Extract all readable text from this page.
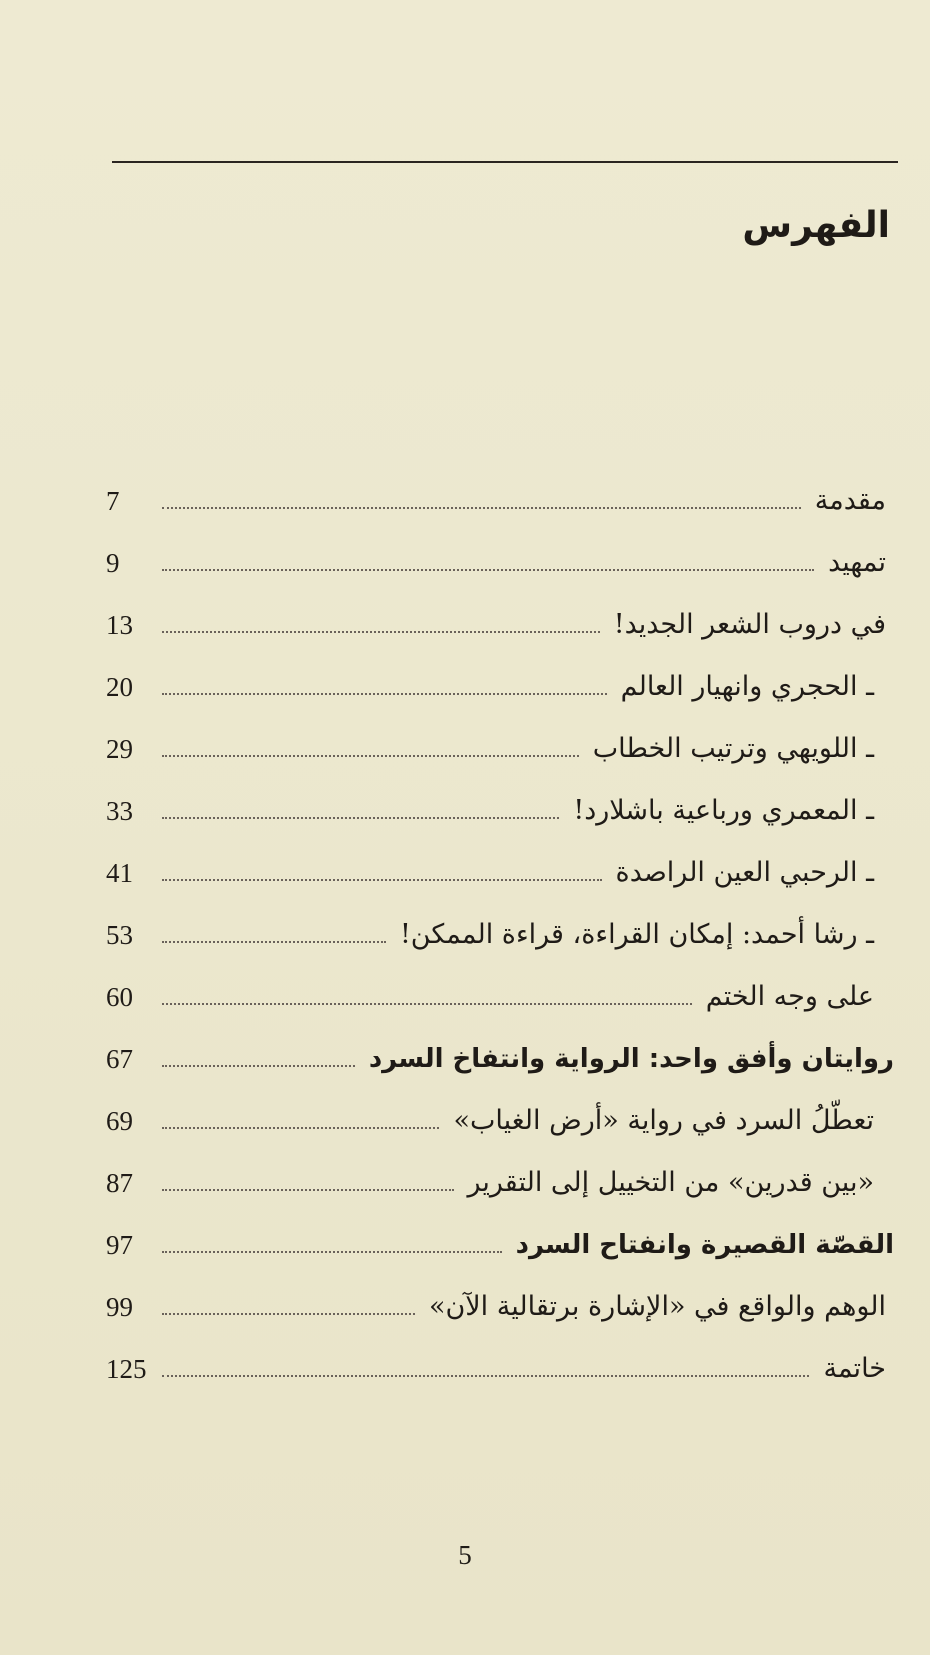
الفهرس
مقدمة
7
تمهيد
9
في دروب الشعر الجديد!
13
ـ الحجري وانهيار العالم
20
ـ اللويهي وترتيب الخطاب
29
ـ المعمري ورباعية باشلارد!
33
ـ الرحبي العين الراصدة
41
ـ رشا أحمد: إمكان القراءة، قراءة الممكن!
53
على وجه الختم
60
روايتان وأفق واحد: الرواية وانتفاخ السرد
67
تعطّلُ السرد في رواية «أرض الغياب»
69
«بين قدرين» من التخييل إلى التقرير
87
القصّة القصيرة وانفتاح السرد
97
الوهم والواقع في «الإشارة برتقالية الآن»
99
خاتمة
125
5
